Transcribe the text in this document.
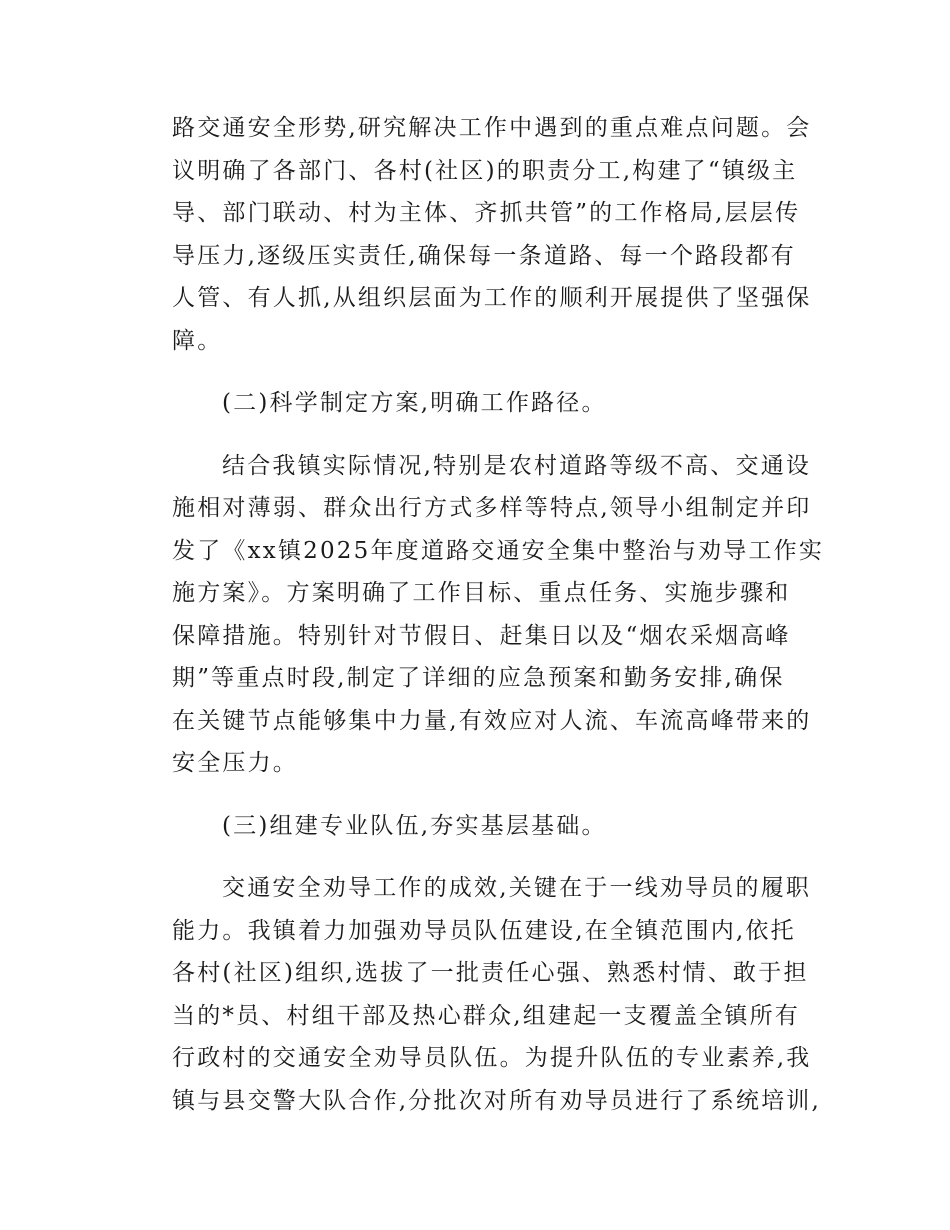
路交通安全形势,研究解决工作中遇到的重点难点问题。会
议明确了各部门、各村(社区)的职责分工,构建了“镇级主
导、部门联动、村为主体、齐抓共管”的工作格局,层层传
导压力,逐级压实责任,确保每一条道路、每一个路段都有
人管、有人抓,从组织层面为工作的顺利开展提供了坚强保
障。
(二)科学制定方案,明确工作路径。
结合我镇实际情况,特别是农村道路等级不高、交通设
施相对薄弱、群众出行方式多样等特点,领导小组制定并印
发了《xx镇2025年度道路交通安全集中整治与劝导工作实
施方案》。方案明确了工作目标、重点任务、实施步骤和
保障措施。特别针对节假日、赶集日以及“烟农采烟高峰
期”等重点时段,制定了详细的应急预案和勤务安排,确保
在关键节点能够集中力量,有效应对人流、车流高峰带来的
安全压力。
(三)组建专业队伍,夯实基层基础。
交通安全劝导工作的成效,关键在于一线劝导员的履职
能力。我镇着力加强劝导员队伍建设,在全镇范围内,依托
各村(社区)组织,选拔了一批责任心强、熟悉村情、敢于担
当的*员、村组干部及热心群众,组建起一支覆盖全镇所有
行政村的交通安全劝导员队伍。为提升队伍的专业素养,我
镇与县交警大队合作,分批次对所有劝导员进行了系统培训,
